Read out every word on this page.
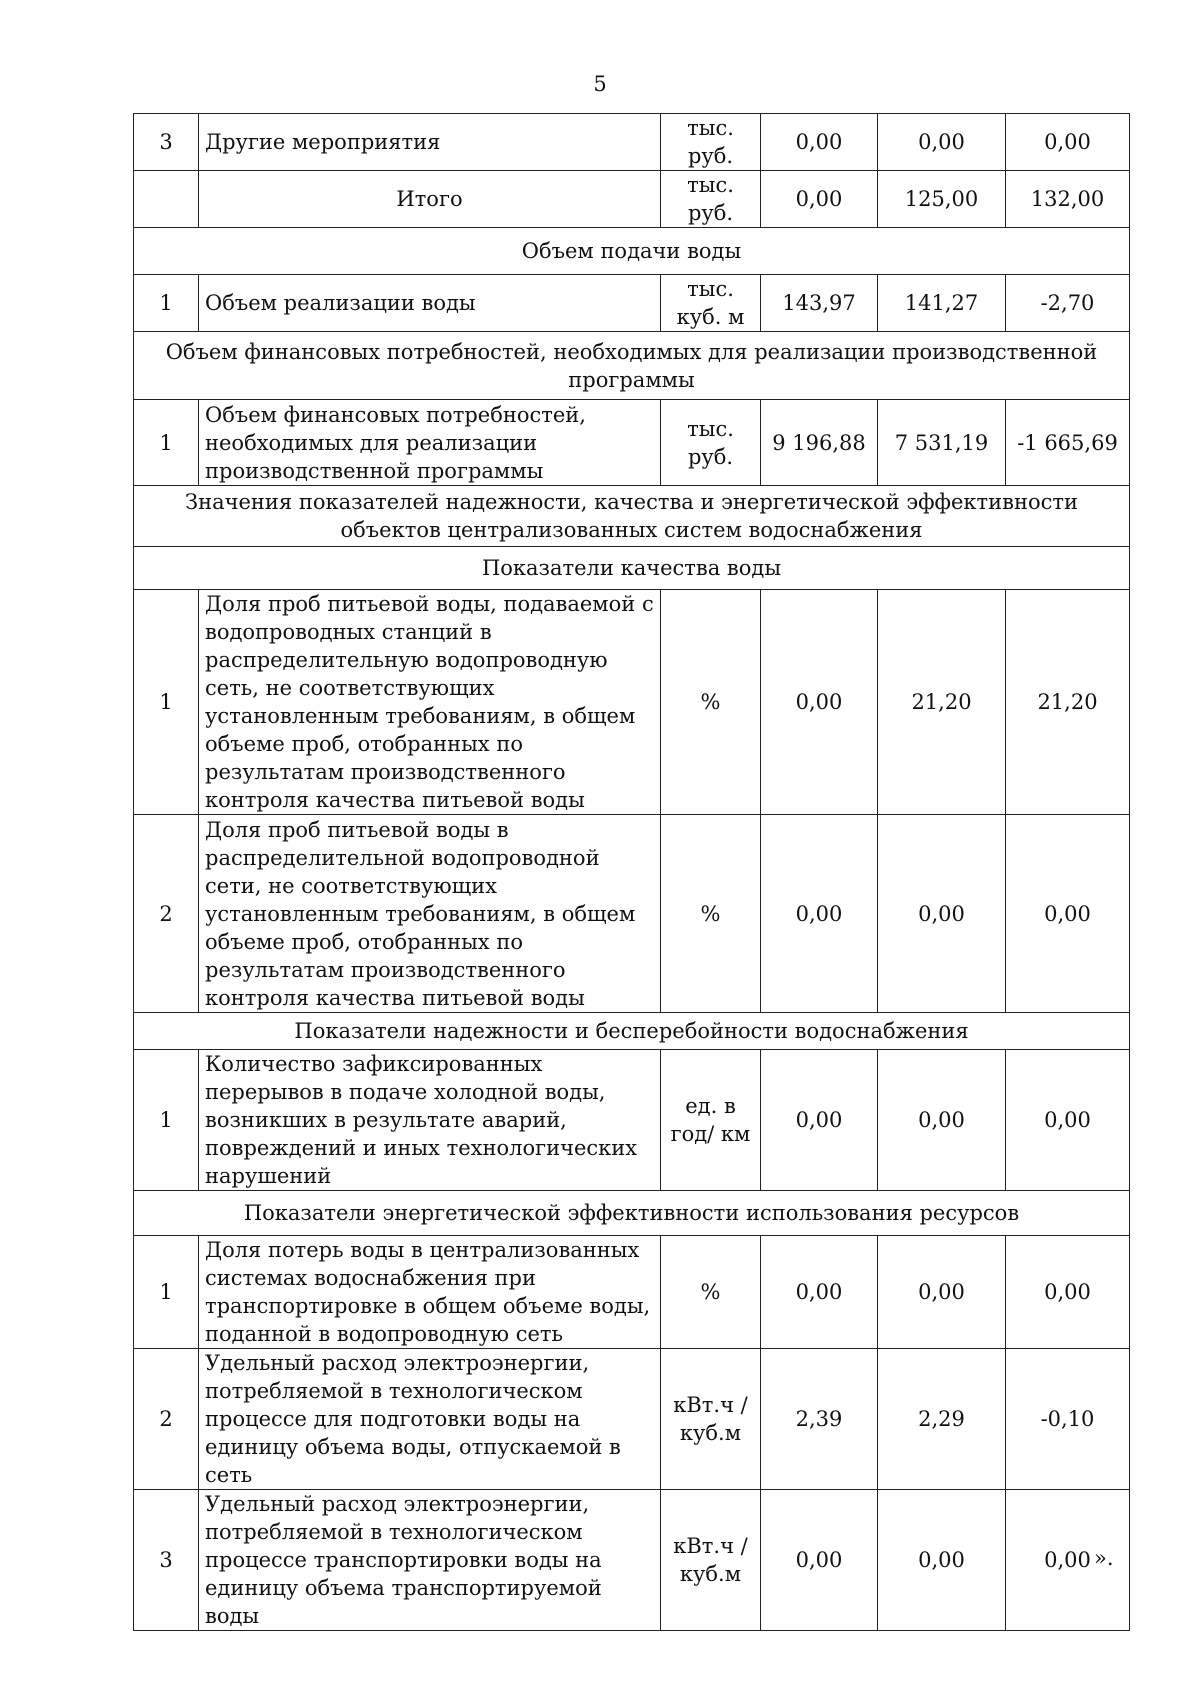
5
3	Другие мероприятия	тыс. руб.	0,00	0,00	0,00
	Итого	тыс. руб.	0,00	125,00	132,00
Объем подачи воды					
1	Объем реализации воды	тыс. куб. м	143,97	141,27	-2,70
Объем финансовых потребностей, необходимых для реализации производственной программы					
1	Объем финансовых потребностей, необходимых для реализации производственной программы	тыс. руб.	9 196,88	7 531,19	-1 665,69
Значения показателей надежности, качества и энергетической эффективности объектов централизованных систем водоснабжения					
Показатели качества воды					
1	Доля проб питьевой воды, подаваемой с водопроводных станций в распределительную водопроводную сеть, не соответствующих установленным требованиям, в общем объеме проб, отобранных по результатам производственного контроля качества питьевой воды	%	0,00	21,20	21,20
2	Доля проб питьевой воды в распределительной водопроводной сети, не соответствующих установленным требованиям, в общем объеме проб, отобранных по результатам производственного контроля качества питьевой воды	%	0,00	0,00	0,00
Показатели надежности и бесперебойности водоснабжения					
1	Количество зафиксированных перерывов в подаче холодной воды, возникших в результате аварий, повреждений и иных технологических нарушений	ед. в год/ км	0,00	0,00	0,00
Показатели энергетической эффективности использования ресурсов					
1	Доля потерь воды в централизованных системах водоснабжения при транспортировке в общем объеме воды, поданной в водопроводную сеть	%	0,00	0,00	0,00
2	Удельный расход электроэнергии, потребляемой в технологическом процессе для подготовки воды на единицу объема воды, отпускаемой в сеть	кВт.ч / куб.м	2,39	2,29	-0,10
3	Удельный расход электроэнергии, потребляемой в технологическом процессе транспортировки воды на единицу объема транспортируемой воды	кВт.ч / куб.м	0,00	0,00	0,00 ».
